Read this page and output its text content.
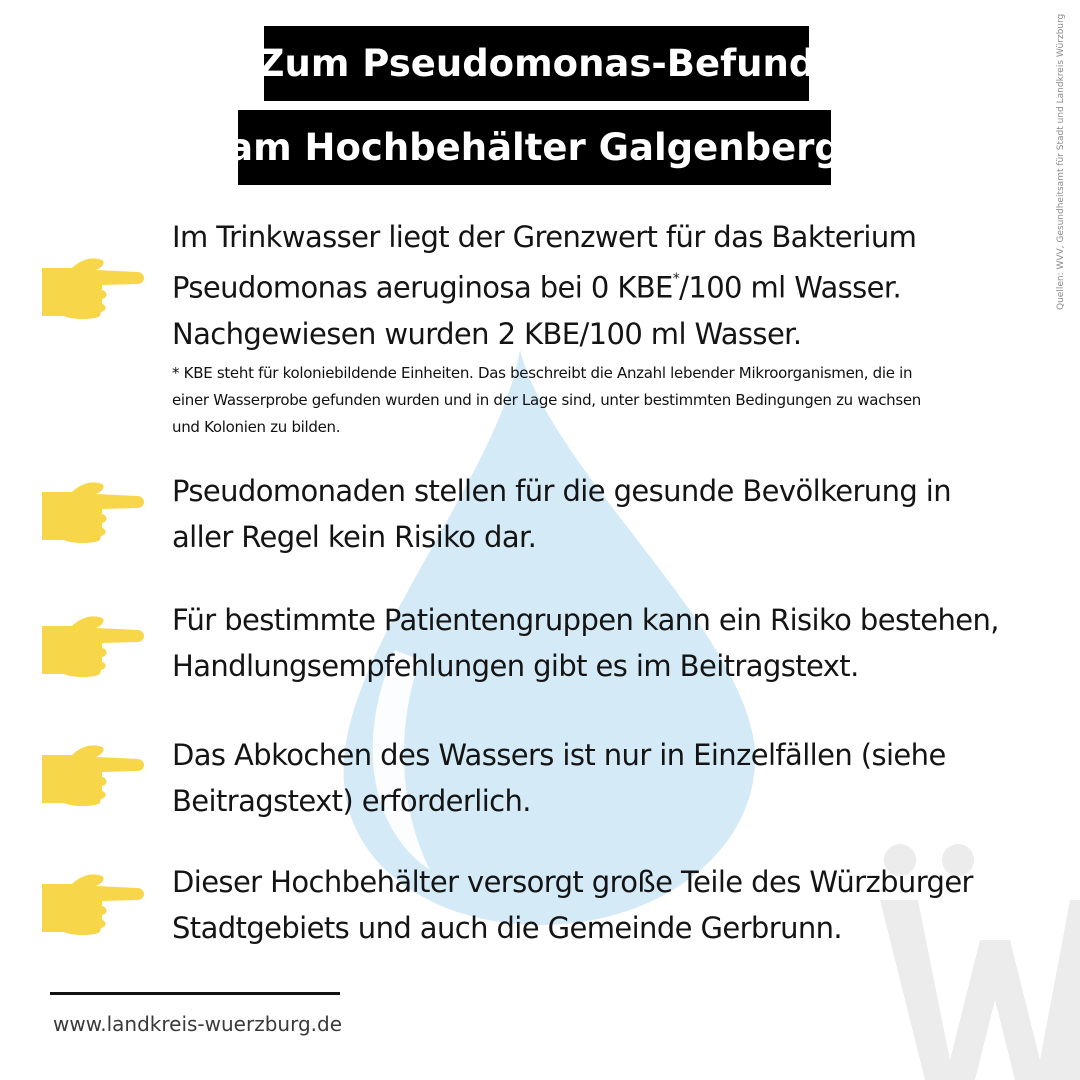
Zum Pseudomonas-Befund
am Hochbehälter Galgenberg	Quellen: WVV, Gesundheitsamt für Stadt und Landkreis Würzburg
Im Trinkwasser liegt der Grenzwert für das Bakterium
Pseudomonas aeruginosa bei 0 KBE*/100 ml Wasser.
Nachgewiesen wurden 2 KBE/100 ml Wasser.
* KBE steht für koloniebildende Einheiten. Das beschreibt die Anzahl lebender Mikroorganismen, die in
einer Wasserprobe gefunden wurden und in der Lage sind, unter bestimmten Bedingungen zu wachsen
und Kolonien zu bilden.
Pseudomonaden stellen für die gesunde Bevölkerung in
aller Regel kein Risiko dar.
Für bestimmte Patientengruppen kann ein Risiko bestehen,
Handlungsempfehlungen gibt es im Beitragstext.
Das Abkochen des Wassers ist nur in Einzelfällen (siehe
Beitragstext) erforderlich.
Dieser Hochbehälter versorgt große Teile des Würzburger
Stadtgebiets und auch die Gemeinde Gerbrunn.
www.landkreis-wuerzburg.de
